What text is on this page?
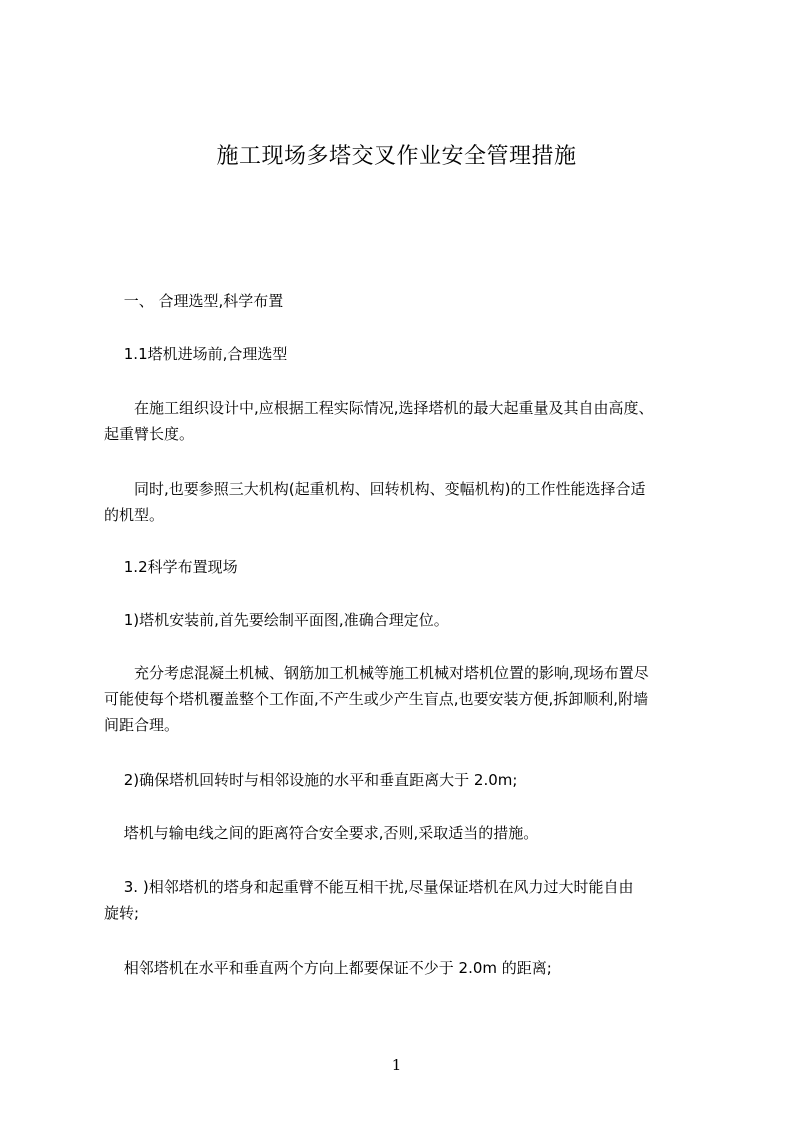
施工现场多塔交叉作业安全管理措施

　 一、 合理选型,科学布置

　 1.1塔机进场前,合理选型

　　在施工组织设计中,应根据工程实际情况,选择塔机的最大起重量及其自由高度、
起重臂长度。

　　同时,也要参照三大机构(起重机构、回转机构、变幅机构)的工作性能选择合适
的机型。

　 1.2科学布置现场

　 1)塔机安装前,首先要绘制平面图,准确合理定位。

　　充分考虑混凝土机械、钢筋加工机械等施工机械对塔机位置的影响,现场布置尽
可能使每个塔机覆盖整个工作面,不产生或少产生盲点,也要安装方便,拆卸顺利,附墙
间距合理。

　 2)确保塔机回转时与相邻设施的水平和垂直距离大于 2.0m;

　 塔机与输电线之间的距离符合安全要求,否则,采取适当的措施。

　 3. )相邻塔机的塔身和起重臂不能互相干扰,尽量保证塔机在风力过大时能自由
旋转;

　 相邻塔机在水平和垂直两个方向上都要保证不少于 2.0m 的距离;

1
